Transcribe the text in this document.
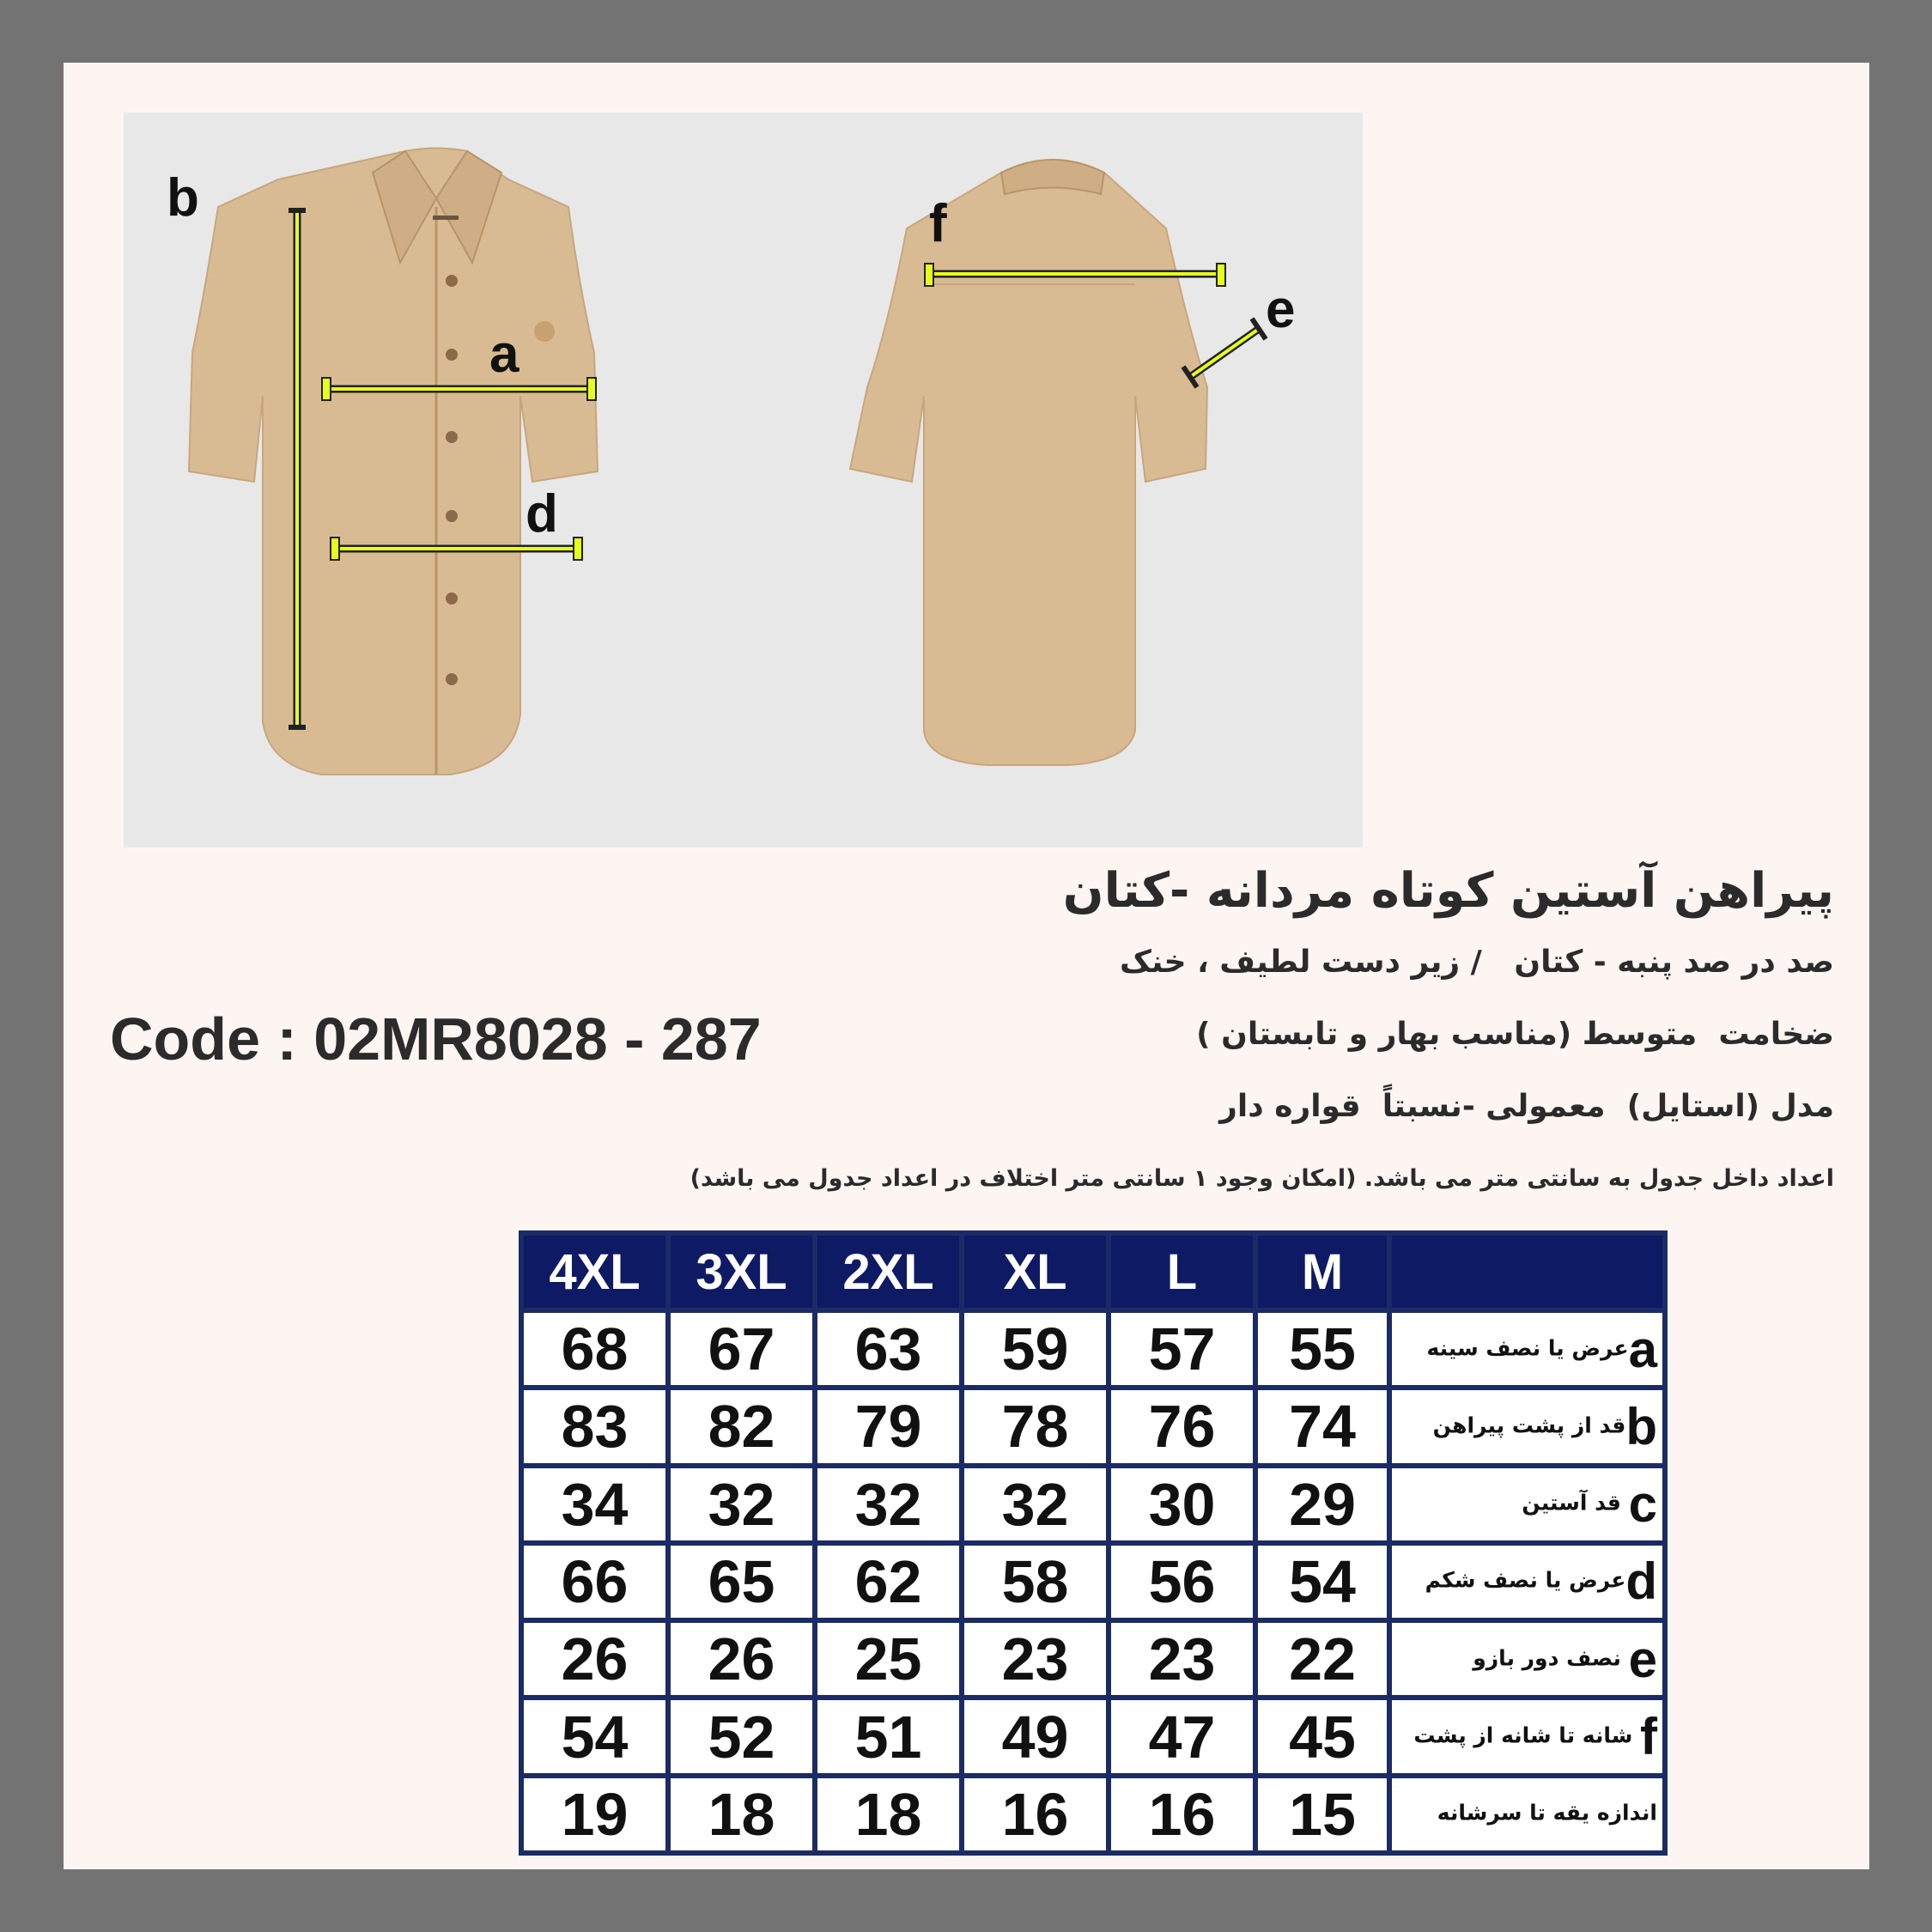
b
a
d
f
e
پیراهن آستین کوتاه مردانه -کتان
صد در صد پنبه - کتان   / زیر دست لطیف ، خنک
ضخامت  متوسط (مناسب بهار و تابستان )
مدل (استایل)  معمولی -نسبتاً  قواره دار
اعداد داخل جدول به سانتی متر می باشد. (امکان وجود ۱ سانتی متر اختلاف در اعداد جدول می باشد)
Code : 02MR8028 - 287
4XL	3XL	2XL	XL	L	M	
68	67	63	59	57	55	aعرض یا نصف سینه
83	82	79	78	76	74	bقد از پشت پیراهن
34	32	32	32	30	29	c قد آستین
66	65	62	58	56	54	dعرض یا نصف شکم
26	26	25	23	23	22	e نصف دور بازو
54	52	51	49	47	45	f شانه تا شانه از پشت
19	18	18	16	16	15	اندازه یقه تا سرشانه
